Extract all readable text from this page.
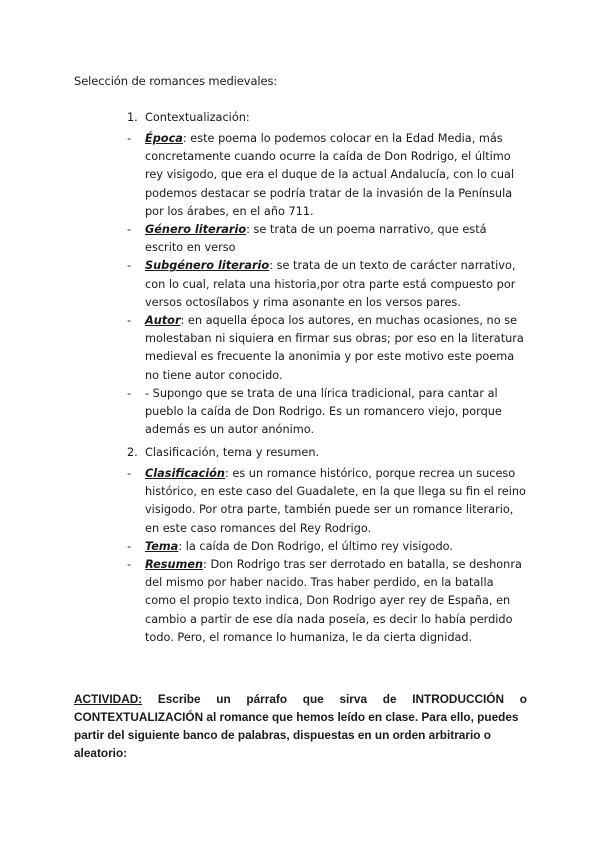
Selección de romances medievales:
1. Contextualización:
-	Época: este poema lo podemos colocar en la Edad Media, más concretamente cuando ocurre la caída de Don Rodrigo, el último rey visigodo, que era el duque de la actual Andalucía, con lo cual podemos destacar se podría tratar de la invasión de la Península por los árabes, en el año 711.
-	Género literario: se trata de un poema narrativo, que está escrito en verso
-	Subgénero literario: se trata de un texto de carácter narrativo, con lo cual, relata una historia,por otra parte está compuesto por versos octosílabos y rima asonante en los versos pares.
-	Autor: en aquella época los autores, en muchas ocasiones, no se molestaban ni siquiera en firmar sus obras; por eso en la literatura medieval es frecuente la anonimia y por este motivo este poema no tiene autor conocido.
-	- Supongo que se trata de una lírica tradicional, para cantar al pueblo la caída de Don Rodrigo. Es un romancero viejo, porque además es un autor anónimo.
2. Clasificación, tema y resumen.
-	Clasificación: es un romance histórico, porque recrea un suceso histórico, en este caso del Guadalete, en la que llega su fin el reino visigodo. Por otra parte, también puede ser un romance literario, en este caso romances del Rey Rodrigo.
-	Tema: la caída de Don Rodrigo, el último rey visigodo.
-	Resumen: Don Rodrigo tras ser derrotado en batalla, se deshonra del mismo por haber nacido. Tras haber perdido, en la batalla como el propio texto indica, Don Rodrigo ayer rey de España, en cambio a partir de ese día nada poseía, es decir lo había perdido todo. Pero, el romance lo humaniza, le da cierta dignidad.
ACTIVIDAD: Escribe un párrafo que sirva de INTRODUCCIÓN o
CONTEXTUALIZACIÓN al romance que hemos leído en clase. Para ello, puedes partir del siguiente banco de palabras, dispuestas en un orden arbitrario o aleatorio:
